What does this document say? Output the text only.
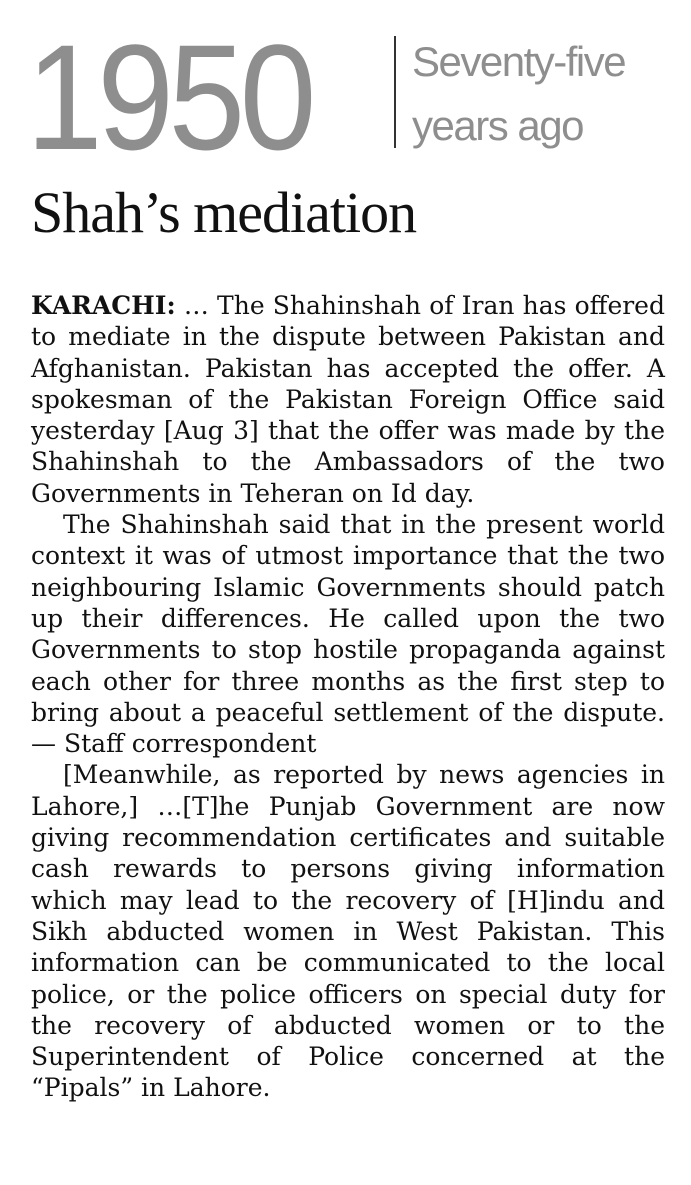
1950 Seventy-five years ago
Shah’s mediation

KARACHI: … The Shahinshah of Iran has offered to mediate in the dispute between Pakistan and Afghanistan. Pakistan has accepted the offer. A spokesman of the Pakistan Foreign Office said yesterday [Aug 3] that the offer was made by the Shahinshah to the Ambassadors of the two Governments in Teheran on Id day.

The Shahinshah said that in the present world context it was of utmost importance that the two neighbouring Islamic Governments should patch up their differences. He called upon the two Governments to stop hostile propaganda against each other for three months as the first step to bring about a peaceful settlement of the dispute. — Staff correspondent

[Meanwhile, as reported by news agencies in Lahore,] …[T]he Punjab Government are now giving recommendation certificates and suitable cash rewards to persons giving information which may lead to the recovery of [H]indu and Sikh abducted women in West Pakistan. This information can be communicated to the local police, or the police officers on special duty for the recovery of abducted women or to the Superintendent of Police concerned at the “Pipals” in Lahore.
